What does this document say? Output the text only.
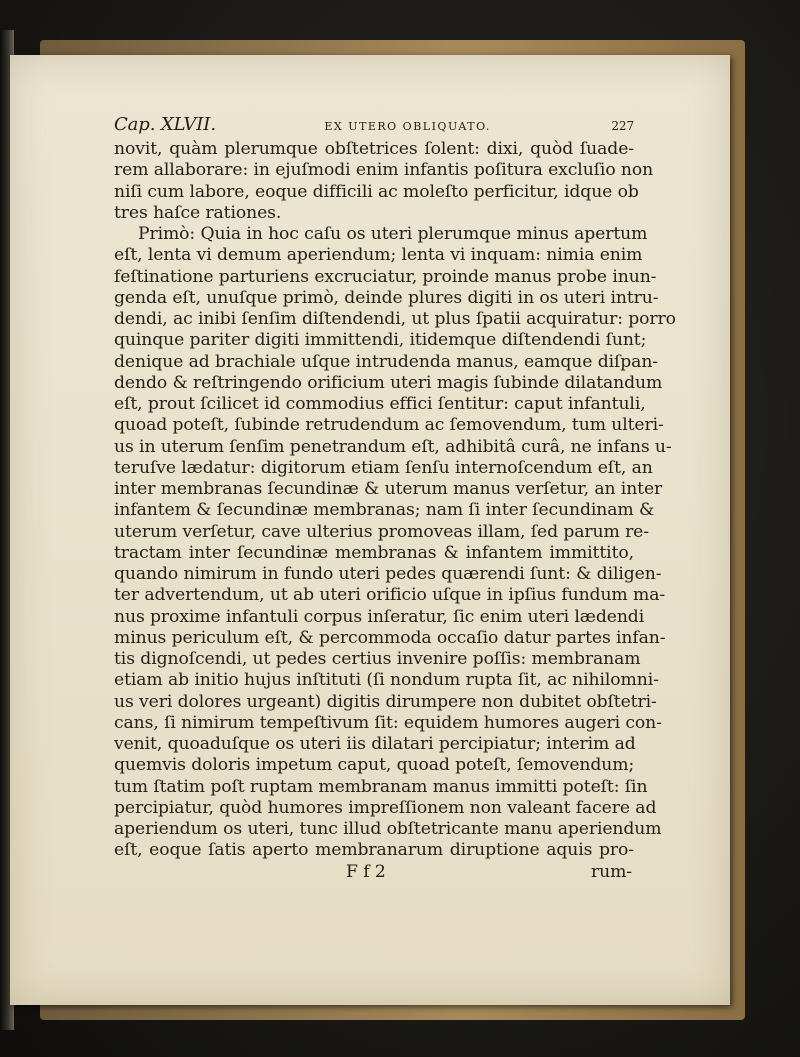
Cap. XLVII.	EX UTERO OBLIQUATO.	227
novit, quàm plerumque obſtetrices ſolent: dixi, quòd ſuade-
rem allaborare: in ejuſmodi enim infantis poſitura excluſio non
niſi cum labore, eoque difficili ac moleſto perficitur, idque ob
tres haſce rationes.
Primò: Quia in hoc caſu os uteri plerumque minus apertum
eſt, lenta vi demum aperiendum; lenta vi inquam: nimia enim
feſtinatione parturiens excruciatur, proinde manus probe inun-
genda eſt, unuſque primò, deinde plures digiti in os uteri intru-
dendi, ac inibi ſenſim diſtendendi, ut plus ſpatii acquiratur: porro
quinque pariter digiti immittendi, itidemque diſtendendi ſunt;
denique ad brachiale uſque intrudenda manus, eamque diſpan-
dendo & reſtringendo orificium uteri magis ſubinde dilatandum
eſt, prout ſcilicet id commodius effici ſentitur: caput infantuli,
quoad poteſt, ſubinde retrudendum ac ſemovendum, tum ulteri-
us in uterum ſenſim penetrandum eſt, adhibitâ curâ, ne infans u-
teruſve lædatur: digitorum etiam ſenſu internoſcendum eſt, an
inter membranas ſecundinæ & uterum manus verſetur, an inter
infantem & ſecundinæ membranas; nam ſi inter ſecundinam &
uterum verſetur, cave ulterius promoveas illam, ſed parum re-
tractam inter ſecundinæ membranas & infantem immittito,
quando nimirum in fundo uteri pedes quærendi ſunt: & diligen-
ter advertendum, ut ab uteri orificio uſque in ipſius fundum ma-
nus proxime infantuli corpus inſeratur, ſic enim uteri lædendi
minus periculum eſt, & percommoda occaſio datur partes infan-
tis dignoſcendi, ut pedes certius invenire poſſis: membranam
etiam ab initio hujus inſtituti (ſi nondum rupta ſit, ac nihilomni-
us veri dolores urgeant) digitis dirumpere non dubitet obſtetri-
cans, ſi nimirum tempeſtivum ſit: equidem humores augeri con-
venit, quoaduſque os uteri iis dilatari percipiatur; interim ad
quemvis doloris impetum caput, quoad poteſt, ſemovendum;
tum ſtatim poſt ruptam membranam manus immitti poteſt: ſin
percipiatur, quòd humores impreſſionem non valeant facere ad
aperiendum os uteri, tunc illud obſtetricante manu aperiendum
eſt, eoque ſatis aperto membranarum diruptione aquis pro-
F f 2	rum-
